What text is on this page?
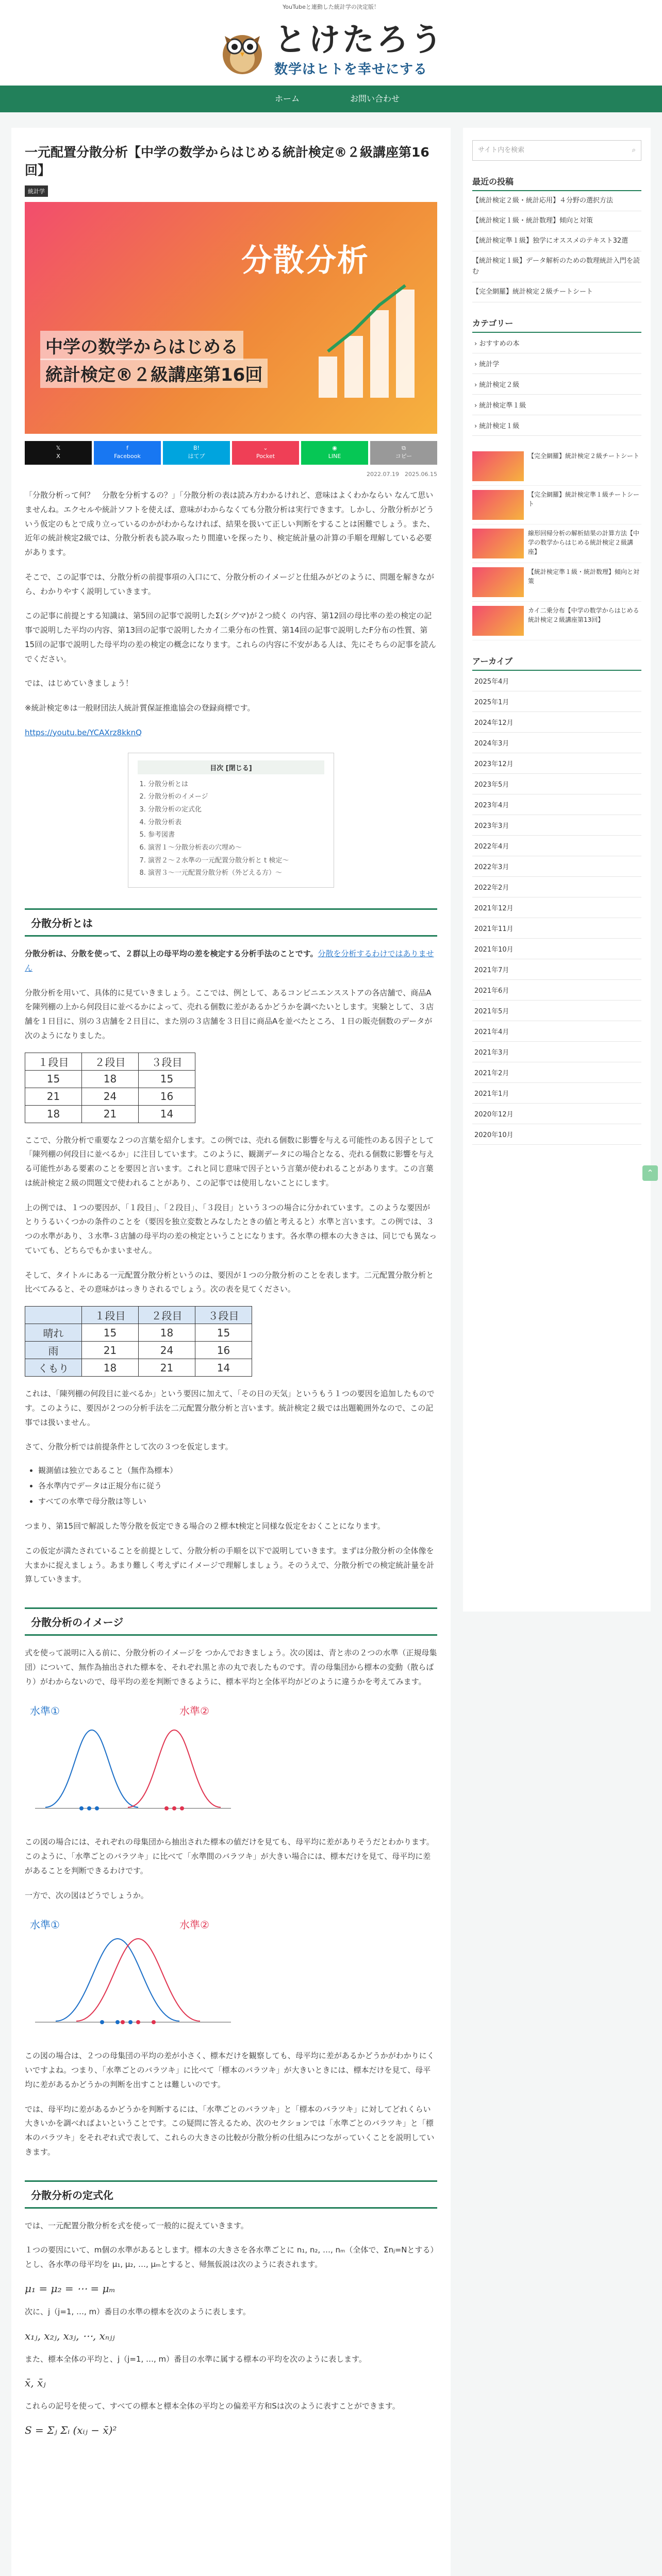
YouTubeと連動した統計学の決定版！
とけたろう
数学はヒトを幸せにする
ホーム	お問い合わせ
一元配置分散分析【中学の数学からはじめる統計検定®２級講座第16回】
統計学
分散分析
中学の数学からはじめる
統計検定®２級講座第16回
𝕏
X
f
Facebook
B!
はてブ
⌄
Pocket
◉
LINE
⧉
コピー
2022.07.19　2025.06.15

「分散分析って何？　分散を分析するの？」「分散分析の表は読み方わかるけれど、意味はよくわかならい なんて思いませんね。エクセルや統計ソフトを使えば、意味がわからなくても分散分析は実行できます。しかし、分散分析がどういう仮定のもとで成り立っているのかがわからなければ、結果を扱いて正しい判断をすることは困難でしょう。また、近年の統計検定2級では、分散分析表も読み取ったり間違いを探ったり、検定統計量の計算の手順を理解している必要があります。

そこで、この記事では、分散分析の前提事項の入口にて、分散分析のイメージと仕組みがどのように、問題を解きながら、わかりやすく説明していきます。

この記事に前提とする知識は、第5回の記事で説明したΣ(シグマ)が２つ続く の内容、第12回の母比率の差の検定の記事で説明した平均の内容、第13回の記事で説明したカイ二乗分布の性質、第14回の記事で説明したF分布の性質、第15回の記事で説明した母平均の差の検定の概念になります。これらの内容に不安がある人は、先にそちらの記事を読んでください。

では、はじめていきましょう！

※統計検定®は一般財団法人統計質保証推進協会の登録商標です。

https://youtu.be/YCAXrz8kknQ

目次 [閉じる]
1. 分散分析とは
2. 分散分析のイメージ
3. 分散分析の定式化
4. 分散分析表
5. 参考図書
6. 演習１〜分散分析表の穴埋め〜
7. 演習２〜２水準の一元配置分散分析と t 検定〜
8. 演習３〜一元配置分散分析（外どえる方）〜
分散分析とは

分散分析は、分散を使って、２群以上の母平均の差を検定する分析手法のことです。分散を分析するわけではありません

分散分析を用いて、具体的に見ていきましょう。ここでは、例として、あるコンビニエンスストアの各店舗で、商品Aを陳列棚の上から何段目に並べるかによって、売れる個数に差があるかどうかを調べたいとします。実験として、３店舗を１日目に、別の３店舗を２日目に、また別の３店舗を３日目に商品Aを並べたところ、１日の販売個数のデータが次のようになりました。

１段目	２段目	３段目
15	18	15
21	24	16
18	21	14

ここで、分散分析で重要な２つの言葉を紹介します。この例では、売れる個数に影響を与える可能性のある因子として「陳列棚の何段目に並べるか」に注目しています。このように、観測データにの場合となる、売れる個数に影響を与える可能性がある要素のことを要因と言います。これと同じ意味で因子という言葉が使われることがあります。この言葉は統計検定２級の問題文で使われることがあり、この記事では使用しないことにします。

上の例では、１つの要因が、「１段目」、「２段目」、「３段目」という３つの場合に分かれています。このような要因がとりうるいくつかの条件のことを（要因を独立変数とみなしたときの値と考えると）水準と言います。この例では、３つの水準があり、３水準-３店舗の母平均の差の検定ということになります。各水準の標本の大きさは、同じでも異なっていても、どちらでもかまいません。

そして、タイトルにある一元配置分散分析というのは、要因が１つの分散分析のことを表します。二元配置分散分析と比べてみると、その意味がはっきりされるでしょう。次の表を見てください。

	１段目	２段目	３段目
晴れ	15	18	15
雨	21	24	16
くもり	18	21	14

これは、「陳列棚の何段目に並べるか」という要因に加えて、「その日の天気」というもう１つの要因を追加したものです。このように、要因が２つの分析手法を二元配置分散分析と言います。統計検定２級では出題範囲外なので、この記事では扱いません。

さて、分散分析では前提条件として次の３つを仮定します。

• 観測値は独立であること（無作為標本）
• 各水準内でデータは正規分布に従う
• すべての水準で母分散は等しい

つまり、第15回で解説した等分散を仮定できる場合の２標本t検定と同様な仮定をおくことになります。

この仮定が満たされていることを前提として、分散分析の手順を以下で説明していきます。まずは分散分析の全体像を大まかに捉えましょう。あまり難しく考えずにイメージで理解しましょう。そのうえで、分散分析での検定統計量を計算していきます。

分散分析のイメージ

式を使って説明に入る前に、分散分析のイメージを つかんでおきましょう。次の図は、青と赤の２つの水準（正規母集団）について、無作為抽出された標本を、それぞれ黒と赤の丸で表したものです。青の母集団から標本の変動（散らばり）がわからないので、母平均の差を判断できるように、標本平均と全体平均がどのように違うかを考えてみます。

水準①	水準②

この図の場合には、それぞれの母集団から抽出された標本の値だけを見ても、母平均に差がありそうだとわかります。このように、「水準ごとのバラツキ」に比べて「水準間のバラツキ」が大きい場合には、標本だけを見て、母平均に差があることを判断できるわけです。

一方で、次の図はどうでしょうか。

水準①	水準②

この図の場合は、２つの母集団の平均の差が小さく、標本だけを観察しても、母平均に差があるかどうかがわかりにくいですよね。つまり、「水準ごとのバラツキ」に比べて「標本のバラツキ」が大きいときには、標本だけを見て、母平均に差があるかどうかの判断を出すことは難しいのです。

では、母平均に差があるかどうかを判断するには、「水準ごとのバラツキ」と「標本のバラツキ」に対してどれくらい大きいかを調べればよいということです。この疑問に答えるため、次のセクションでは「水準ごとのバラツキ」と「標本のバラツキ」をそれぞれ式で表して、これらの大きさの比較が分散分析の仕組みにつながっていくことを説明していきます。

分散分析の定式化

では、一元配置分散分析を式を使って一般的に捉えていきます。

１つの要因にいて、m個の水準があるとします。標本の大きさを各水準ごとに n₁, n₂, …, nₘ（全体で、Σnⱼ=Nとする）とし、各水準の母平均を μ₁, μ₂, …, μₘとすると、帰無仮説は次のように表されます。

μ₁ = μ₂ = ⋯ = μₘ

次に、j（j=1, …, m）番目の水準の標本を次のように表します。

x₁ⱼ, x₂ⱼ, x₃ⱼ, ⋯, xₙⱼⱼ

また、標本全体の平均と、j（j=1, …, m）番目の水準に属する標本の平均を次のように表します。

x̄, x̄ⱼ

これらの記号を使って、すべての標本と標本全体の平均との偏差平方和Sは次のように表すことができます。

S = Σⱼ Σᵢ (xᵢⱼ − x̄)²
サイト内を検索	⌕
最近の投稿
【統計検定２級・統計応用】４分野の選択方法
【統計検定１級・統計数理】傾向と対策
【統計検定準１級】独学にオススメのテキスト32選
【統計検定１級】データ解析のための数理統計入門を読む
【完全網羅】統計検定２級チートシート
カテゴリー
› おすすめの本
› 統計学
› 統計検定２級
› 統計検定準１級
› 統計検定１級
【完全網羅】統計検定２級チートシート
【完全網羅】統計検定準１級チートシート
線形回帰分析の解析結果の計算方法【中学の数学からはじめる統計検定２級講座】
【統計検定準１級・統計数理】傾向と対策
カイ二乗分布【中学の数学からはじめる統計検定２級講座第13回】
アーカイブ
2025年4月
2025年1月
2024年12月
2024年3月
2023年12月
2023年5月
2023年4月
2023年3月
2022年4月
2022年3月
2022年2月
2021年12月
2021年11月
2021年10月
2021年7月
2021年6月
2021年5月
2021年4月
2021年3月
2021年2月
2021年1月
2020年12月
2020年10月
⌃
